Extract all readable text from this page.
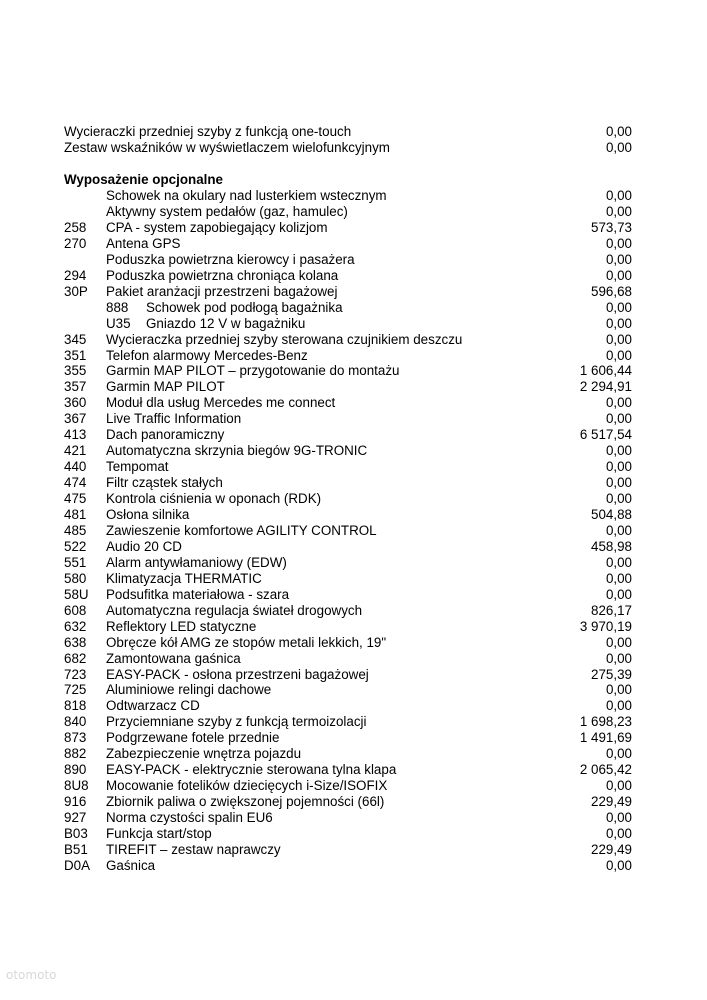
Wycieraczki przedniej szyby z funkcją one-touch	0,00
Zestaw wskaźników w wyświetlaczem wielofunkcyjnym	0,00
Wyposażenie opcjonalne
Schowek na okulary nad lusterkiem wstecznym	0,00
Aktywny system pedałów (gaz, hamulec)	0,00
258 CPA - system zapobiegający kolizjom	573,73
270 Antena GPS	0,00
Poduszka powietrzna kierowcy i pasażera	0,00
294 Poduszka powietrzna chroniąca kolana	0,00
30P Pakiet aranżacji przestrzeni bagażowej	596,68
888 Schowek pod podłogą bagażnika	0,00
U35 Gniazdo 12 V w bagażniku	0,00
345 Wycieraczka przedniej szyby sterowana czujnikiem deszczu	0,00
351 Telefon alarmowy Mercedes-Benz	0,00
355 Garmin MAP PILOT – przygotowanie do montażu	1 606,44
357 Garmin MAP PILOT	2 294,91
360 Moduł dla usług Mercedes me connect	0,00
367 Live Traffic Information	0,00
413 Dach panoramiczny	6 517,54
421 Automatyczna skrzynia biegów 9G-TRONIC	0,00
440 Tempomat	0,00
474 Filtr cząstek stałych	0,00
475 Kontrola ciśnienia w oponach (RDK)	0,00
481 Osłona silnika	504,88
485 Zawieszenie komfortowe AGILITY CONTROL	0,00
522 Audio 20 CD	458,98
551 Alarm antywłamaniowy (EDW)	0,00
580 Klimatyzacja THERMATIC	0,00
58U Podsufitka materiałowa - szara	0,00
608 Automatyczna regulacja świateł drogowych	826,17
632 Reflektory LED statyczne	3 970,19
638 Obręcze kół AMG ze stopów metali lekkich, 19"	0,00
682 Zamontowana gaśnica	0,00
723 EASY-PACK - osłona przestrzeni bagażowej	275,39
725 Aluminiowe relingi dachowe	0,00
818 Odtwarzacz CD	0,00
840 Przyciemniane szyby z funkcją termoizolacji	1 698,23
873 Podgrzewane fotele przednie	1 491,69
882 Zabezpieczenie wnętrza pojazdu	0,00
890 EASY-PACK - elektrycznie sterowana tylna klapa	2 065,42
8U8 Mocowanie fotelików dziecięcych i-Size/ISOFIX	0,00
916 Zbiornik paliwa o zwiększonej pojemności (66l)	229,49
927 Norma czystości spalin EU6	0,00
B03 Funkcja start/stop	0,00
B51 TIREFIT – zestaw naprawczy	229,49
D0A Gaśnica	0,00
otomoto
